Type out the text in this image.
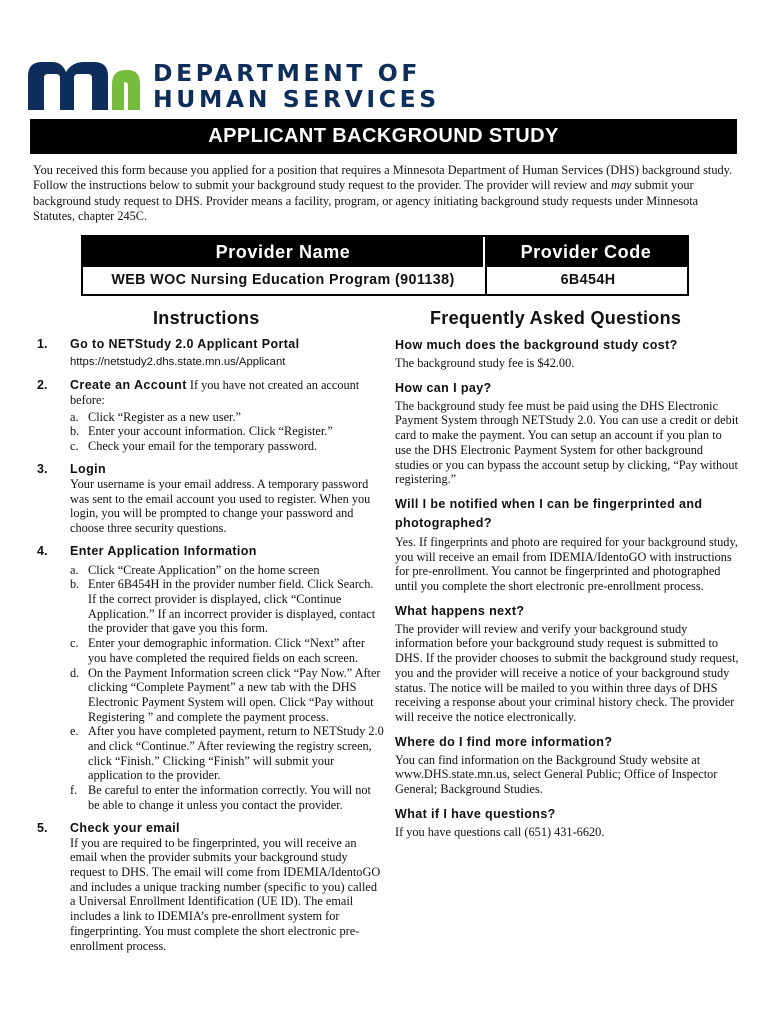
DEPARTMENT OF
HUMAN SERVICES
APPLICANT BACKGROUND STUDY
You received this form because you applied for a position that requires a Minnesota Department of Human Services (DHS) background study. Follow the instructions below to submit your background study request to the provider. The provider will review and may submit your background study request to DHS. Provider means a facility, program, or agency initiating background study requests under Minnesota Statutes, chapter 245C.
Provider Name	Provider Code
WEB WOC Nursing Education Program (901138)	6B454H
Instructions	Frequently Asked Questions
1. Go to NETStudy 2.0 Applicant Portal
https://netstudy2.dhs.state.mn.us/Applicant
2. Create an Account If you have not created an account before:
a. Click “Register as a new user.”
b. Enter your account information. Click “Register.”
c. Check your email for the temporary password.
3. Login
Your username is your email address. A temporary password was sent to the email account you used to register. When you login, you will be prompted to change your password and choose three security questions.
4. Enter Application Information
a. Click “Create Application” on the home screen
b. Enter 6B454H in the provider number field. Click Search. If the correct provider is displayed, click “Continue Application.” If an incorrect provider is displayed, contact the provider that gave you this form.
c. Enter your demographic information. Click “Next” after you have completed the required fields on each screen.
d. On the Payment Information screen click “Pay Now.” After clicking “Complete Payment” a new tab with the DHS Electronic Payment System will open. Click “Pay without Registering ” and complete the payment process.
e. After you have completed payment, return to NETStudy 2.0 and click “Continue.” After reviewing the registry screen, click “Finish.” Clicking “Finish” will submit your application to the provider.
f. Be careful to enter the information correctly. You will not be able to change it unless you contact the provider.
5. Check your email
If you are required to be fingerprinted, you will receive an email when the provider submits your background study request to DHS. The email will come from IDEMIA/IdentoGO and includes a unique tracking number (specific to you) called a Universal Enrollment Identification (UE ID). The email includes a link to IDEMIA’s pre-enrollment system for fingerprinting. You must complete the short electronic pre-enrollment process.
How much does the background study cost?
The background study fee is $42.00.
How can I pay?
The background study fee must be paid using the DHS Electronic Payment System through NETStudy 2.0. You can use a credit or debit card to make the payment. You can setup an account if you plan to use the DHS Electronic Payment System for other background studies or you can bypass the account setup by clicking, “Pay without registering.”
Will I be notified when I can be fingerprinted and photographed?
Yes. If fingerprints and photo are required for your background study, you will receive an email from IDEMIA/IdentoGO with instructions for pre-enrollment. You cannot be fingerprinted and photographed until you complete the short electronic pre-enrollment process.
What happens next?
The provider will review and verify your background study information before your background study request is submitted to DHS. If the provider chooses to submit the background study request, you and the provider will receive a notice of your background study status. The notice will be mailed to you within three days of DHS receiving a response about your criminal history check. The provider will receive the notice electronically.
Where do I find more information?
You can find information on the Background Study website at www.DHS.state.mn.us, select General Public; Office of Inspector General; Background Studies.
What if I have questions?
If you have questions call (651) 431-6620.
